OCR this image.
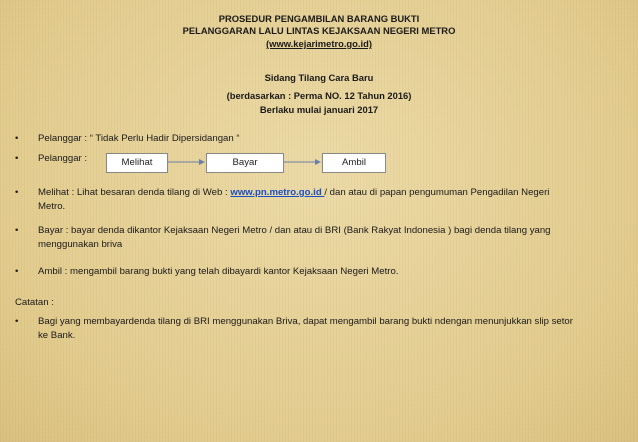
PROSEDUR PENGAMBILAN BARANG BUKTI
PELANGGARAN LALU LINTAS KEJAKSAAN NEGERI METRO
(www.kejarimetro.go.id)
Sidang Tilang Cara Baru
(berdasarkan : Perma NO. 12 Tahun 2016)
Berlaku mulai januari 2017
•	Pelanggar : “ Tidak Perlu Hadir Dipersidangan “
•	Pelanggar :	Melihat	Bayar	Ambil
•	Melihat : Lihat besaran denda tilang di Web : www.pn.metro.go.id / dan atau di papan pengumuman Pengadilan Negeri
Metro.
•	Bayar : bayar denda dikantor Kejaksaan Negeri Metro / dan atau di BRI (Bank Rakyat Indonesia ) bagi denda tilang yang
menggunakan briva
•	Ambil : mengambil barang bukti yang telah dibayardi kantor Kejaksaan Negeri Metro.
Catatan :
•	Bagi yang membayardenda tilang di BRI menggunakan Briva, dapat mengambil barang bukti ndengan menunjukkan slip setor
ke Bank.
